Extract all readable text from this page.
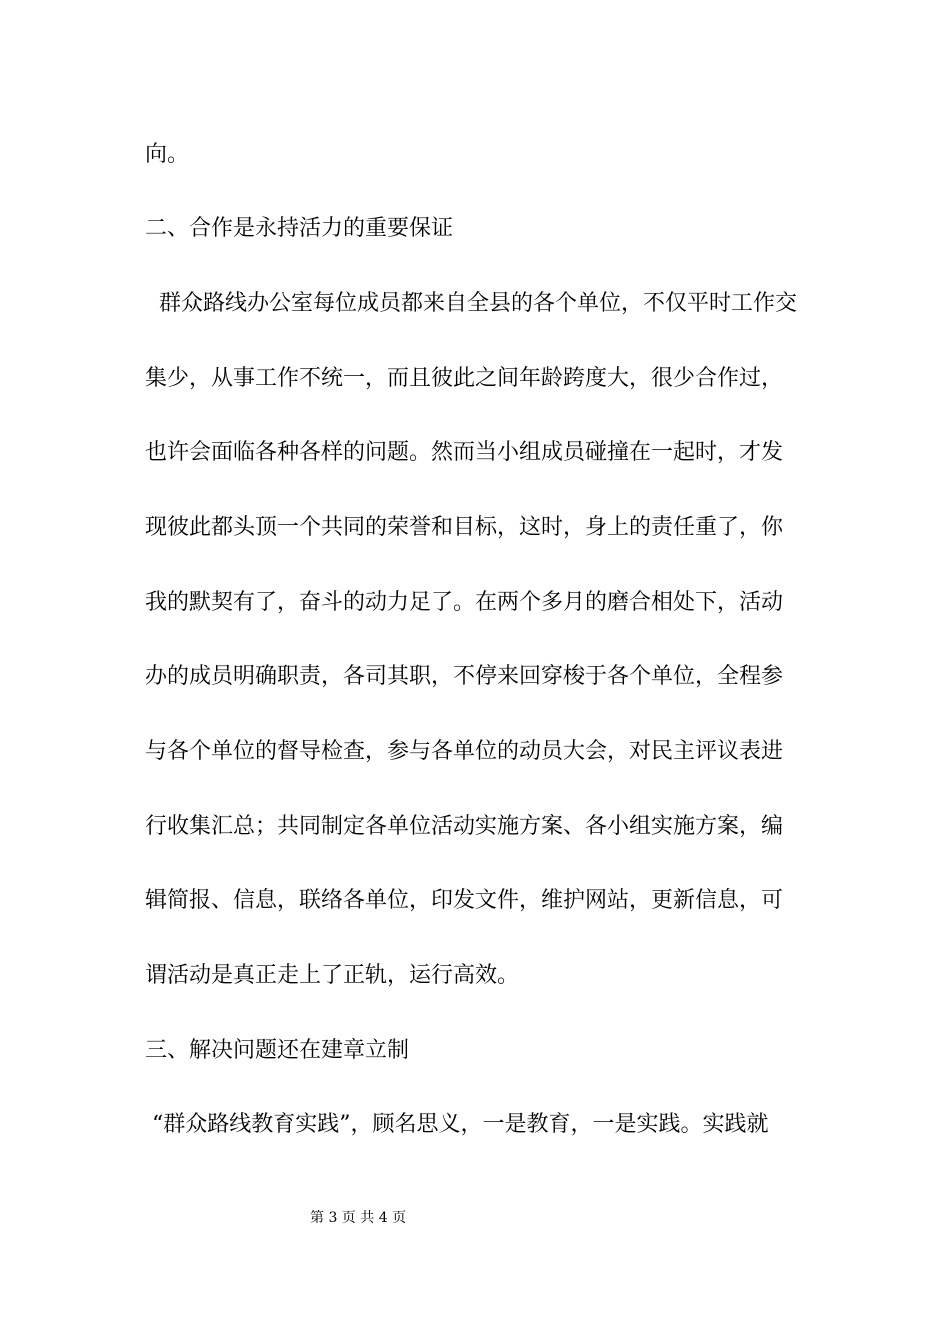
向。
二、合作是永持活力的重要保证
群众路线办公室每位成员都来自全县的各个单位，不仅平时工作交
集少，从事工作不统一，而且彼此之间年龄跨度大，很少合作过，
也许会面临各种各样的问题。然而当小组成员碰撞在一起时，才发
现彼此都头顶一个共同的荣誉和目标，这时，身上的责任重了，你
我的默契有了，奋斗的动力足了。在两个多月的磨合相处下，活动
办的成员明确职责，各司其职，不停来回穿梭于各个单位，全程参
与各个单位的督导检查，参与各单位的动员大会，对民主评议表进
行收集汇总；共同制定各单位活动实施方案、各小组实施方案，编
辑简报、信息，联络各单位，印发文件，维护网站，更新信息，可
谓活动是真正走上了正轨，运行高效。
三、解决问题还在建章立制
“群众路线教育实践”，顾名思义，一是教育，一是实践。实践就
第 3 页 共 4 页
